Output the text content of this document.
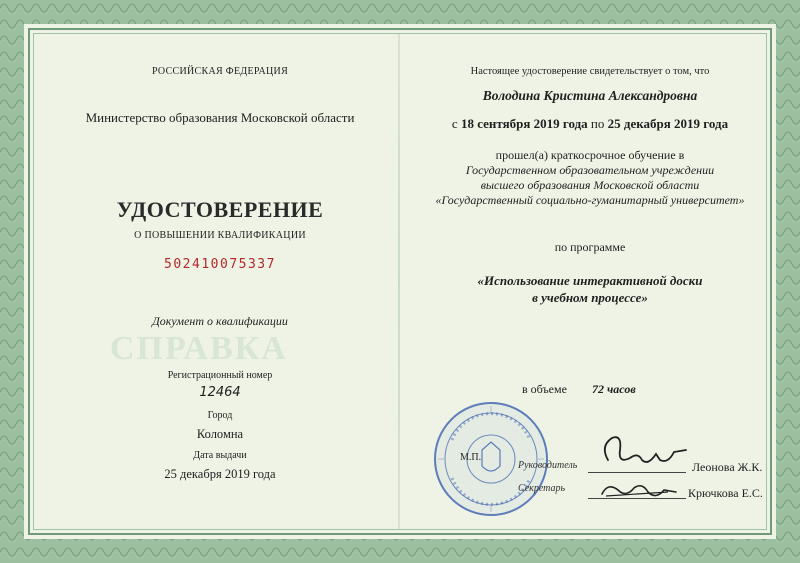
СПРАВКА
РОССИЙСКАЯ ФЕДЕРАЦИЯ
Министерство образования Московской области
УДОСТОВЕРЕНИЕ
О ПОВЫШЕНИИ КВАЛИФИКАЦИИ
502410075337
Документ о квалификации
Регистрационный номер
12464
Город
Коломна
Дата выдачи
25 декабря 2019 года
Настоящее удостоверение свидетельствует о том, что
Володина Кристина Александровна
с 18 сентября 2019 года по 25 декабря 2019 года
прошел(а) краткосрочное обучение в
Государственном образовательном учреждении
высшего образования Московской области
«Государственный социально-гуманитарный университет»
по программе
«Использование интерактивной доски
в учебном процессе»
в объеме 72 часов
М.П.
Руководитель	Леонова Ж.К.
Секретарь	Крючкова Е.С.
